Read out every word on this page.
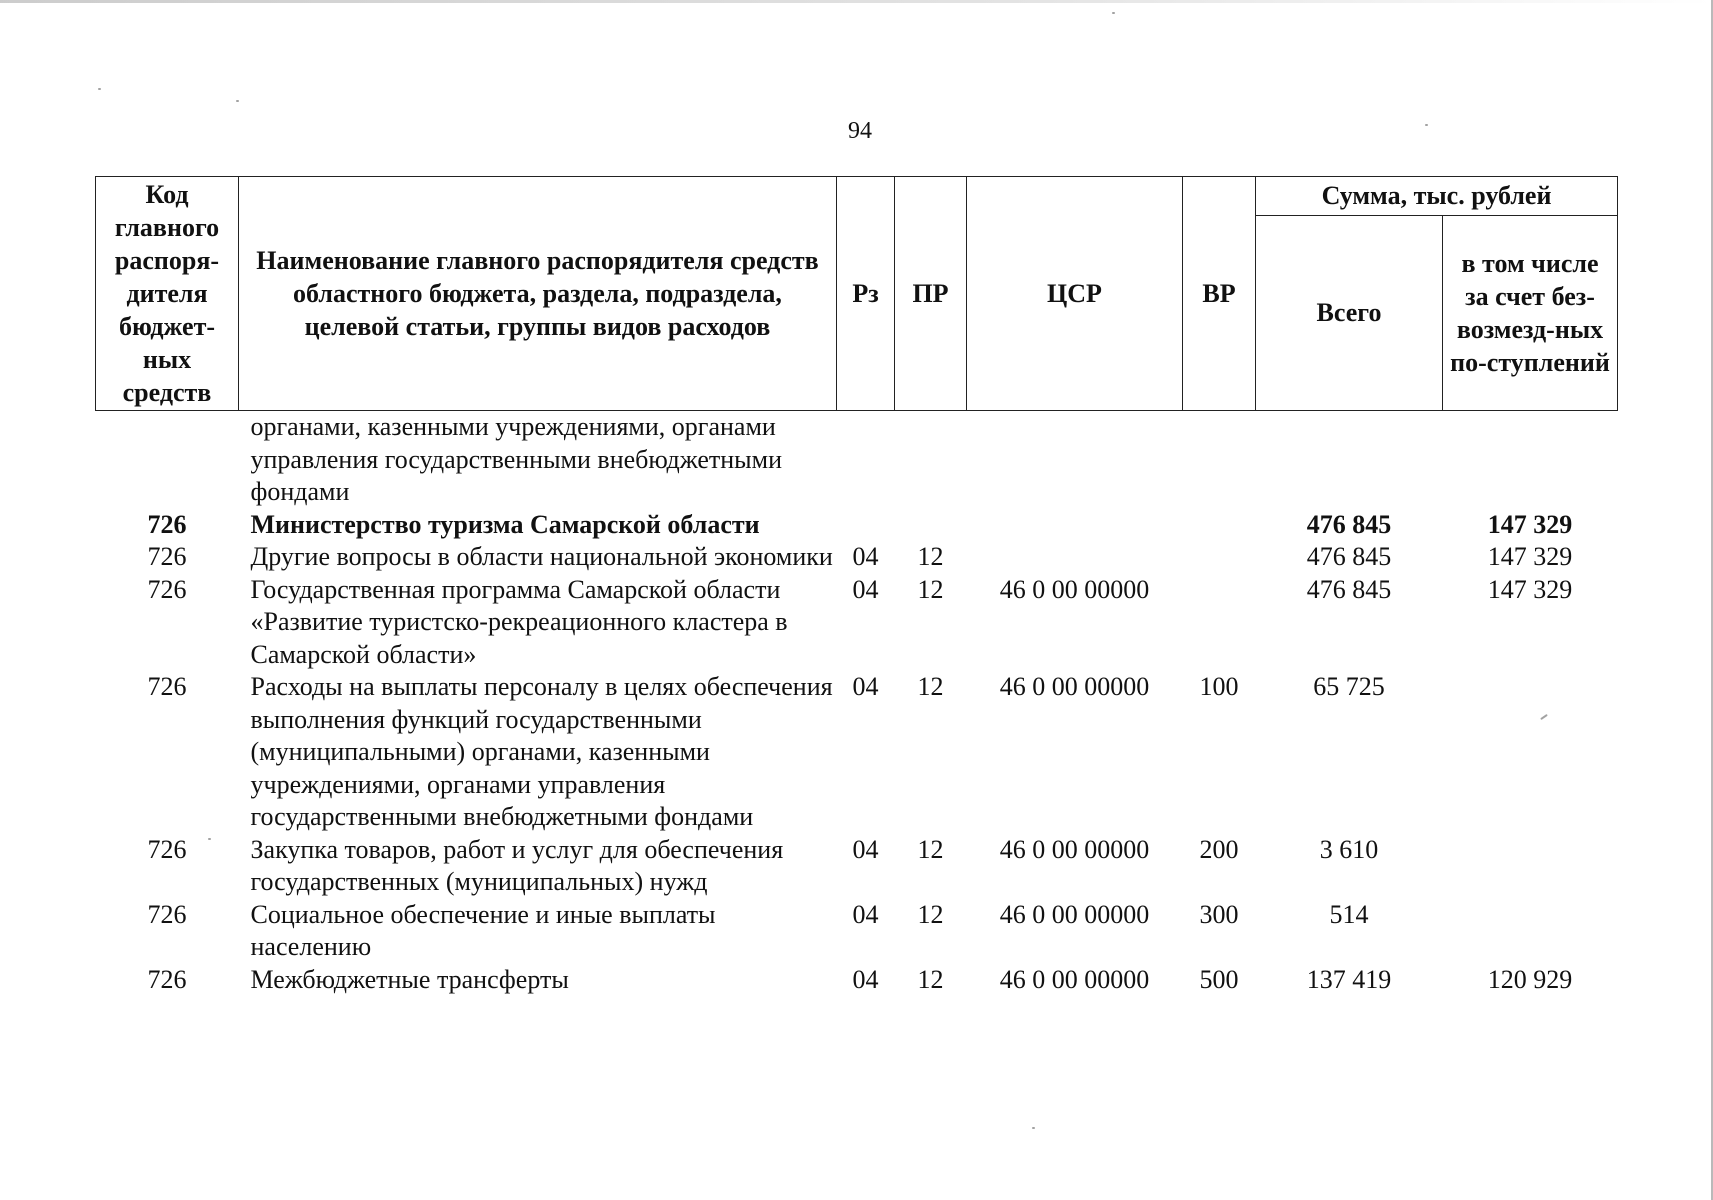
94
Код главного распоря-дителя бюджет-ных средств	Наименование главного распорядителя средств областного бюджета, раздела, подраздела, целевой статьи, группы видов расходов	Рз	ПР	ЦСР	ВР	Сумма, тыс. рублей	
						Всего	в том числе за счет без-возмезд-ных по-ступлений
	органами, казенными учреждениями, органами управления государственными внебюджетными фондами						
726	Министерство туризма Самарской области					476 845	147 329
726	Другие вопросы в области национальной экономики	04	12			476 845	147 329
726	Государственная программа Самарской области «Развитие туристско-рекреационного кластера в Самарской области»	04	12	46 0 00 00000		476 845	147 329
726	Расходы на выплаты персоналу в целях обеспечения выполнения функций государственными (муниципальными) органами, казенными учреждениями, органами управления государственными внебюджетными фондами	04	12	46 0 00 00000	100	65 725	
726	Закупка товаров, работ и услуг для обеспечения государственных (муниципальных) нужд	04	12	46 0 00 00000	200	3 610	
726	Социальное обеспечение и иные выплаты населению	04	12	46 0 00 00000	300	514	
726	Межбюджетные трансферты	04	12	46 0 00 00000	500	137 419	120 929
